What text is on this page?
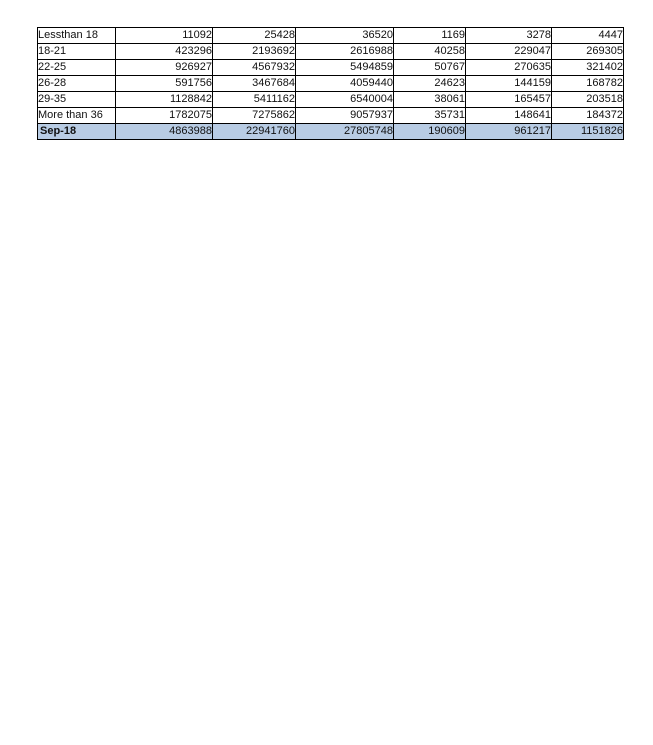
Lessthan 18	11092	25428	36520	1169	3278	4447
18-21	423296	2193692	2616988	40258	229047	269305
22-25	926927	4567932	5494859	50767	270635	321402
26-28	591756	3467684	4059440	24623	144159	168782
29-35	1128842	5411162	6540004	38061	165457	203518
More than 36	1782075	7275862	9057937	35731	148641	184372
Sep-18	4863988	22941760	27805748	190609	961217	1151826
